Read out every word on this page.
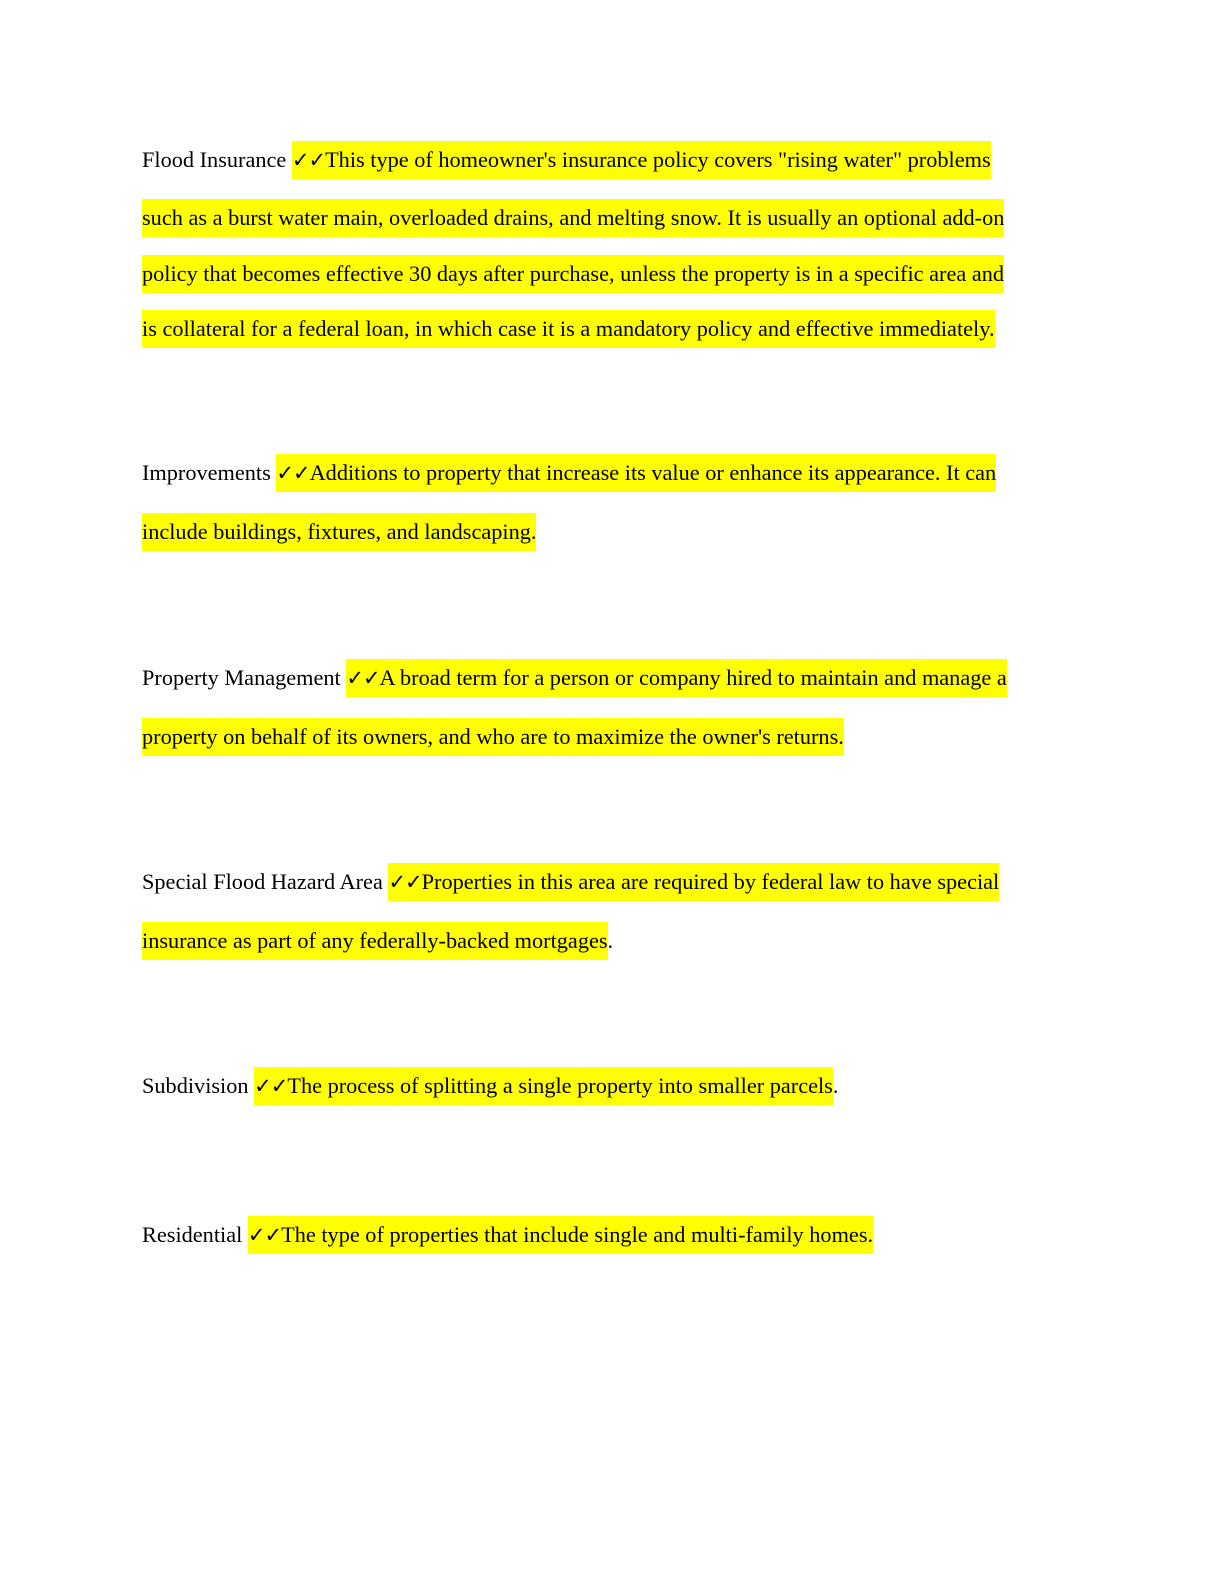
Flood Insurance ✓✓This type of homeowner's insurance policy covers "rising water" problems
such as a burst water main, overloaded drains, and melting snow. It is usually an optional add-on
policy that becomes effective 30 days after purchase, unless the property is in a specific area and
is collateral for a federal loan, in which case it is a mandatory policy and effective immediately.
Improvements ✓✓Additions to property that increase its value or enhance its appearance. It can
include buildings, fixtures, and landscaping.
Property Management ✓✓A broad term for a person or company hired to maintain and manage a
property on behalf of its owners, and who are to maximize the owner's returns.
Special Flood Hazard Area ✓✓Properties in this area are required by federal law to have special
insurance as part of any federally-backed mortgages.
Subdivision ✓✓The process of splitting a single property into smaller parcels.
Residential ✓✓The type of properties that include single and multi-family homes.
